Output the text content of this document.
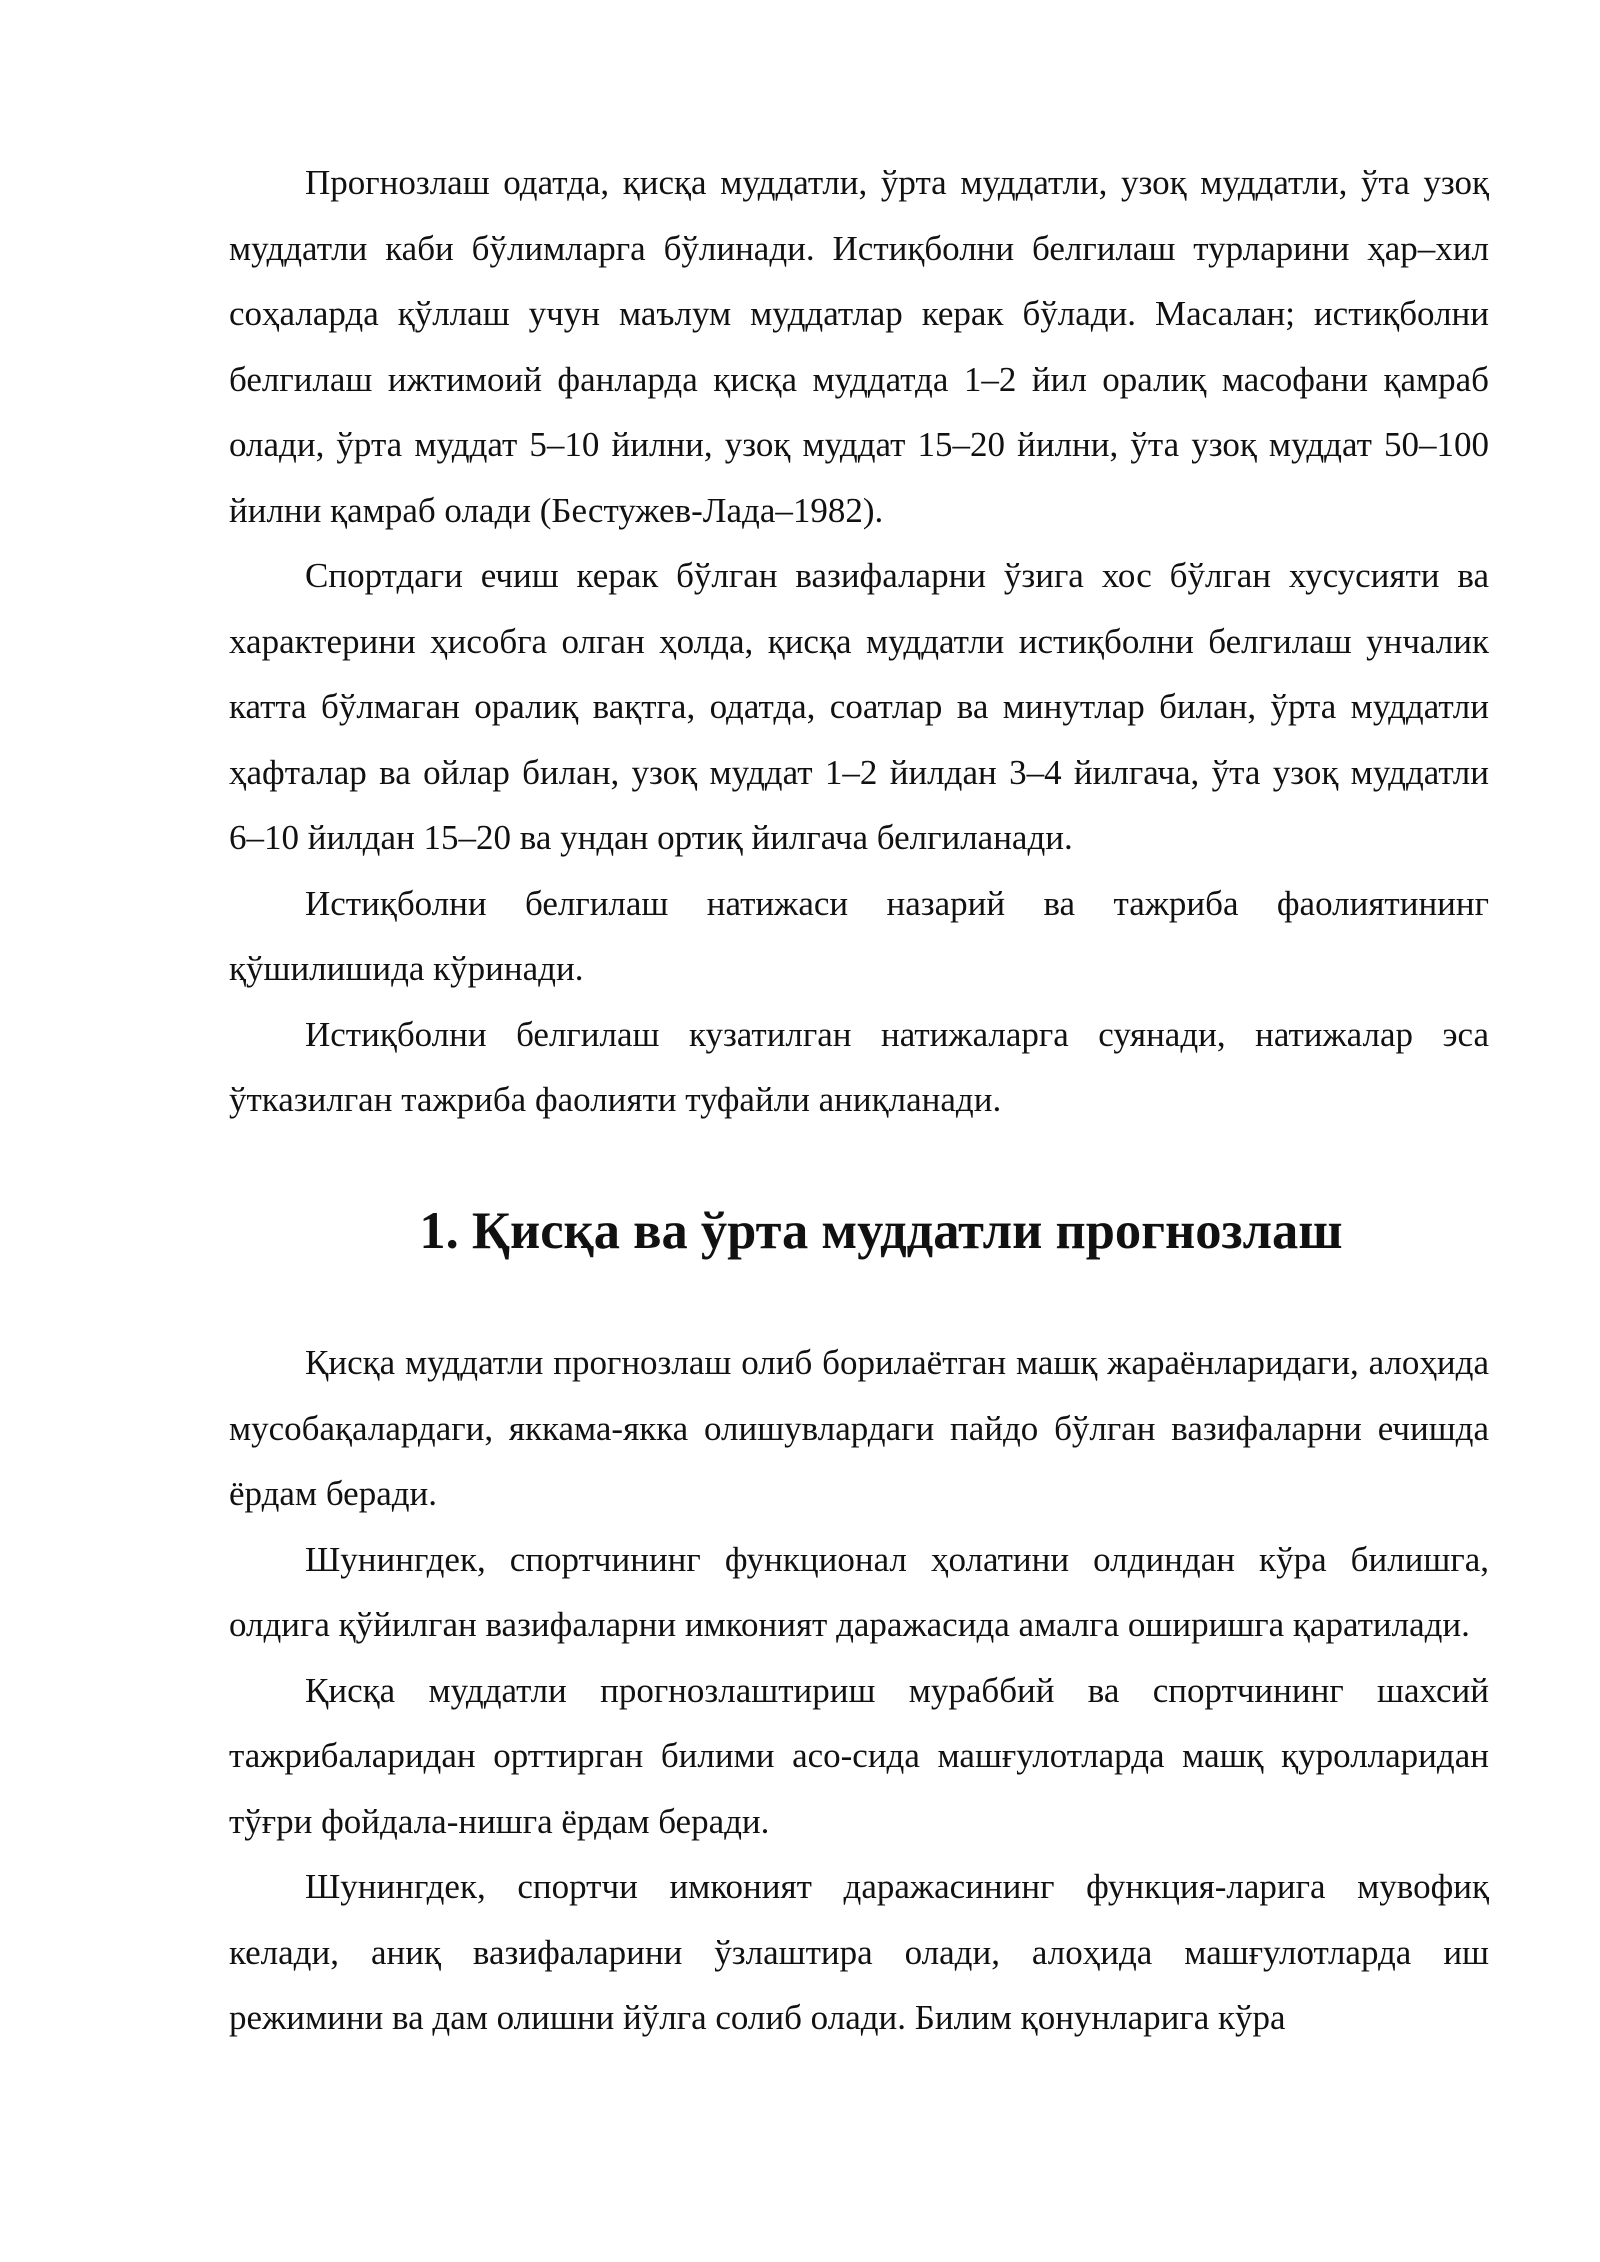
Прогнозлаш одатда, қисқа муддатли, ўрта муддатли, узоқ муддатли, ўта узоқ муддатли каби бўлимларга бўлинади. Истиқболни белгилаш турларини ҳар–хил соҳаларда қўллаш учун маълум муддатлар керак бўлади. Масалан; истиқболни белгилаш ижтимоий фанларда қисқа муддатда 1–2 йил оралиқ масофани қамраб олади, ўрта муддат 5–10 йилни, узоқ муддат 15–20 йилни, ўта узоқ муддат 50–100 йилни қамраб олади (Бестужев-Лада–1982).

Спортдаги ечиш керак бўлган вазифаларни ўзига хос бўлган хусусияти ва характерини ҳисобга олган ҳолда, қисқа муддатли истиқболни белгилаш унчалик катта бўлмаган оралиқ вақтга, одатда, соатлар ва минутлар билан, ўрта муддатли ҳафталар ва ойлар билан, узоқ муддат 1–2 йилдан 3–4 йилгача, ўта узоқ муддатли 6–10 йилдан 15–20 ва ундан ортиқ йилгача белгиланади.

Истиқболни белгилаш натижаси назарий ва тажриба фаолиятининг қўшилишида кўринади.

Истиқболни белгилаш кузатилган натижаларга суянади, натижалар эса ўтказилган тажриба фаолияти туфайли аниқланади.

1. Қисқа ва ўрта муддатли прогнозлаш

Қисқа муддатли прогнозлаш олиб борилаётган машқ жараёнларидаги, алоҳида мусобақалардаги, яккама-якка олишувлардаги пайдо бўлган вазифаларни ечишда ёрдам беради.

Шунингдек, спортчининг функционал ҳолатини олдиндан кўра билишга, олдига қўйилган вазифаларни имконият даражасида амалга оширишга қаратилади.

Қисқа муддатли прогнозлаштириш мураббий ва спортчининг шахсий тажрибаларидан орттирган билими асо-сида машғулотларда машқ қуролларидан тўғри фойдала-нишга ёрдам беради.

Шунингдек, спортчи имконият даражасининг функция-ларига мувофиқ келади, аниқ вазифаларини ўзлаштира олади, алоҳида машғулотларда иш режимини ва дам олишни йўлга солиб олади. Билим қонунларига кўра
